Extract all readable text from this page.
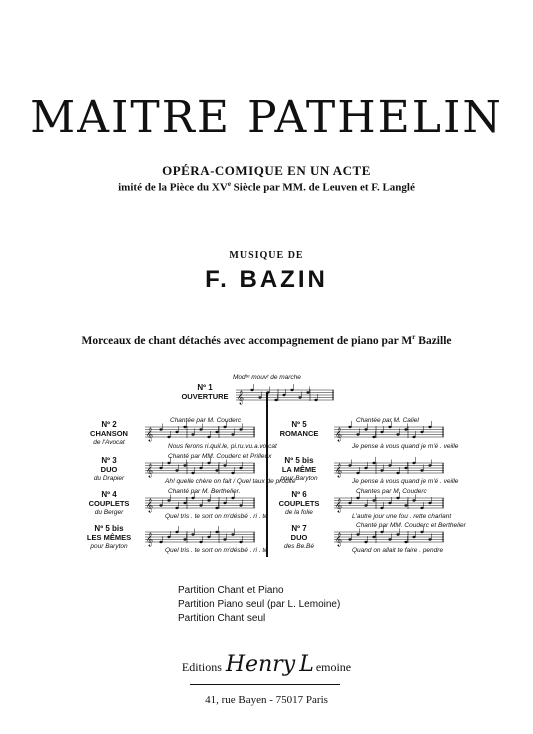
MAITRE PATHELIN
OPÉRA-COMIQUE EN UN ACTE
imité de la Pièce du XVe Siècle par MM. de Leuven et F. Langlé
MUSIQUE DE
F. BAZIN
Morceaux de chant détachés avec accompagnement de piano par $M^r$ Bazille
Modᵗᵉ mouvᵗ de marche
Nº 1
OUVERTURE 𝄞
Nº 2
CHANSON
de l'Avocat
Chantée par M. Couderc
𝄞
Nous ferons ri.quil.le, pi.ru.vu.a.vo.cat
Nº 3
DUO
du Drapier
Chanté par MM. Couderc et Prilleux
𝄞
Ah! quelle chère on fait / Quel taux de probité
Nº 4
COUPLETS
du Berger
Chanté par M. Berthelier.
𝄞
Quel tris . te sort on m'désbé . ri . te
Nº 5 bis
LES MÊMES
pour Baryton
𝄞
Quel tris . te sort on m'désbé . ri . te
Nº 5
ROMANCE
Chantée par M. Caliel
𝄞
Je pense à vous quand je m'é . veille
Nº 5 bis
LA MÊME
pour Baryton
𝄞
Je pense à vous quand je m'é . veille
Nº 6
COUPLETS
de la folie
Chantes par M. Couderc
𝄞
L'autre jour une fou . rette charlant
Nº 7
DUO
des Be.Bé
Chanté par MM. Couderc et Berthelier
𝄞
Quand on allait te faire . pendre
Partition Chant et Piano
Partition Piano seul (par L. Lemoine)
Partition Chant seul
Editions Henry L emoine
41, rue Bayen - 75017 Paris
